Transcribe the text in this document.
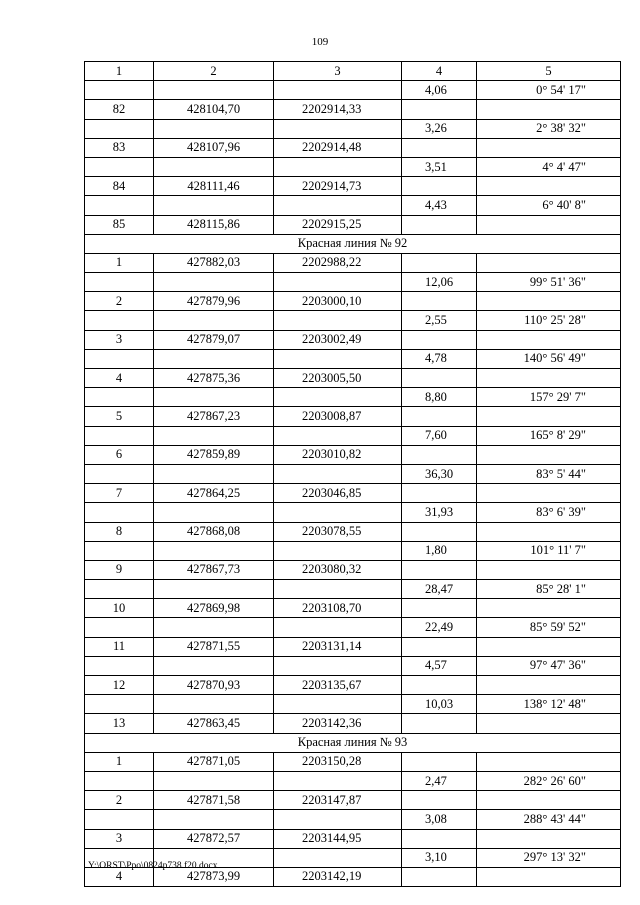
109
1	2	3	4	5
			4,06	0° 54' 17"
82	428104,70	2202914,33		
			3,26	2° 38' 32"
83	428107,96	2202914,48		
			3,51	4° 4' 47"
84	428111,46	2202914,73		
			4,43	6° 40' 8"
85	428115,86	2202915,25		
Красная линия № 92				
1	427882,03	2202988,22		
			12,06	99° 51' 36"
2	427879,96	2203000,10		
			2,55	110° 25' 28"
3	427879,07	2203002,49		
			4,78	140° 56' 49"
4	427875,36	2203005,50		
			8,80	157° 29' 7"
5	427867,23	2203008,87		
			7,60	165° 8' 29"
6	427859,89	2203010,82		
			36,30	83° 5' 44"
7	427864,25	2203046,85		
			31,93	83° 6' 39"
8	427868,08	2203078,55		
			1,80	101° 11' 7"
9	427867,73	2203080,32		
			28,47	85° 28' 1"
10	427869,98	2203108,70		
			22,49	85° 59' 52"
11	427871,55	2203131,14		
			4,57	97° 47' 36"
12	427870,93	2203135,67		
			10,03	138° 12' 48"
13	427863,45	2203142,36		
Красная линия № 93				
1	427871,05	2203150,28		
			2,47	282° 26' 60"
2	427871,58	2203147,87		
			3,08	288° 43' 44"
3	427872,57	2203144,95		
			3,10	297° 13' 32"
4	427873,99	2203142,19		
Y:\ORST\Ppo\0824p738.f20.docx
